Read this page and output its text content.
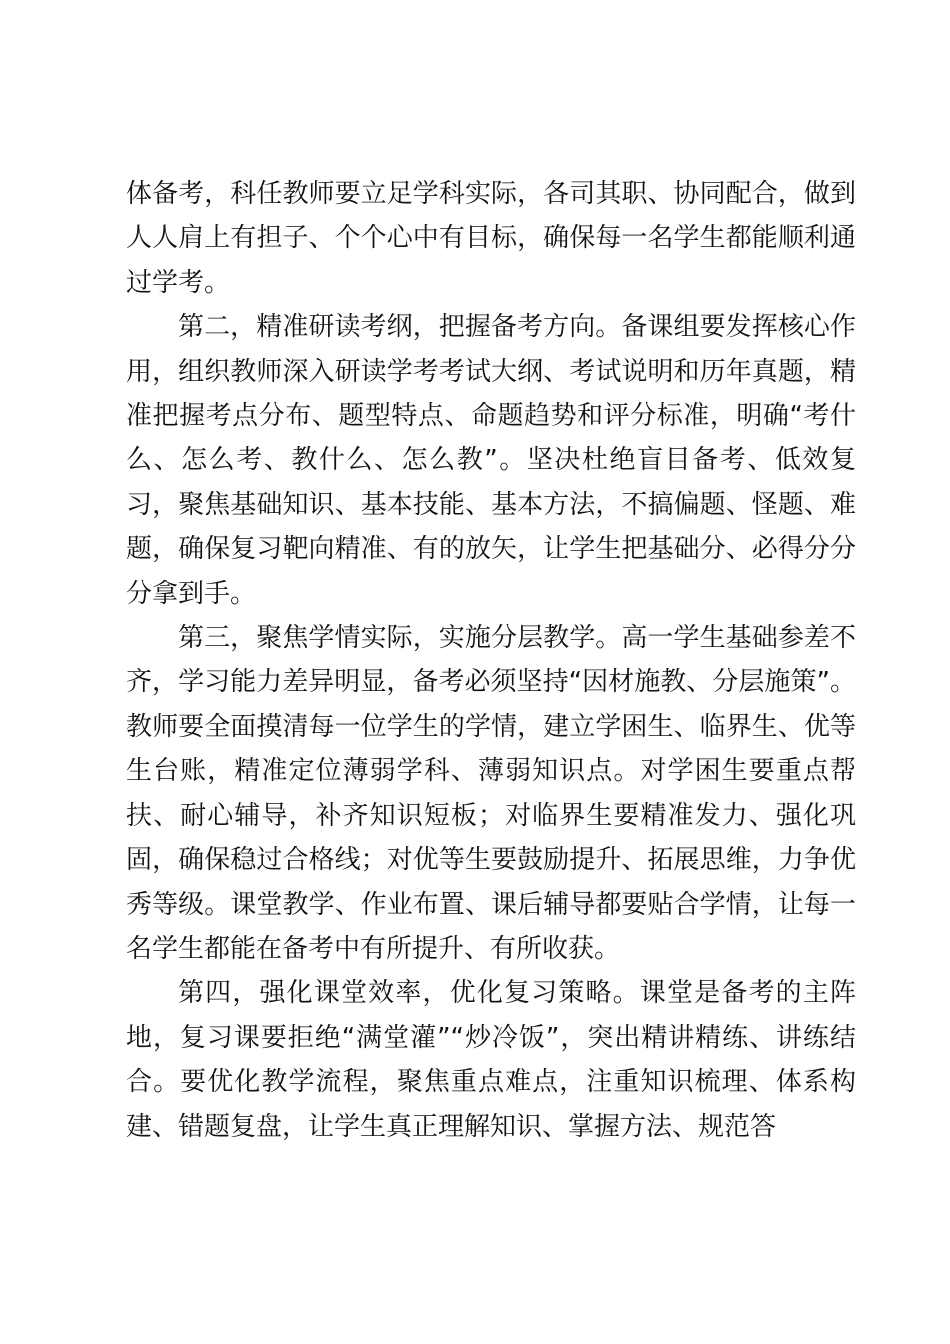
体备考，科任教师要立足学科实际，各司其职、协同配合，做到人人肩上有担子、个个心中有目标，确保每一名学生都能顺利通过学考。

第二，精准研读考纲，把握备考方向。备课组要发挥核心作用，组织教师深入研读学考考试大纲、考试说明和历年真题，精准把握考点分布、题型特点、命题趋势和评分标准，明确“考什么、怎么考、教什么、怎么教”。坚决杜绝盲目备考、低效复习，聚焦基础知识、基本技能、基本方法，不搞偏题、怪题、难题，确保复习靶向精准、有的放矢，让学生把基础分、必得分分分拿到手。

第三，聚焦学情实际，实施分层教学。高一学生基础参差不齐，学习能力差异明显，备考必须坚持“因材施教、分层施策”。教师要全面摸清每一位学生的学情，建立学困生、临界生、优等生台账，精准定位薄弱学科、薄弱知识点。对学困生要重点帮扶、耐心辅导，补齐知识短板；对临界生要精准发力、强化巩固，确保稳过合格线；对优等生要鼓励提升、拓展思维，力争优秀等级。课堂教学、作业布置、课后辅导都要贴合学情，让每一名学生都能在备考中有所提升、有所收获。

第四，强化课堂效率，优化复习策略。课堂是备考的主阵地，复习课要拒绝“满堂灌”“炒冷饭”，突出精讲精练、讲练结合。要优化教学流程，聚焦重点难点，注重知识梳理、体系构建、错题复盘，让学生真正理解知识、掌握方法、规范答
